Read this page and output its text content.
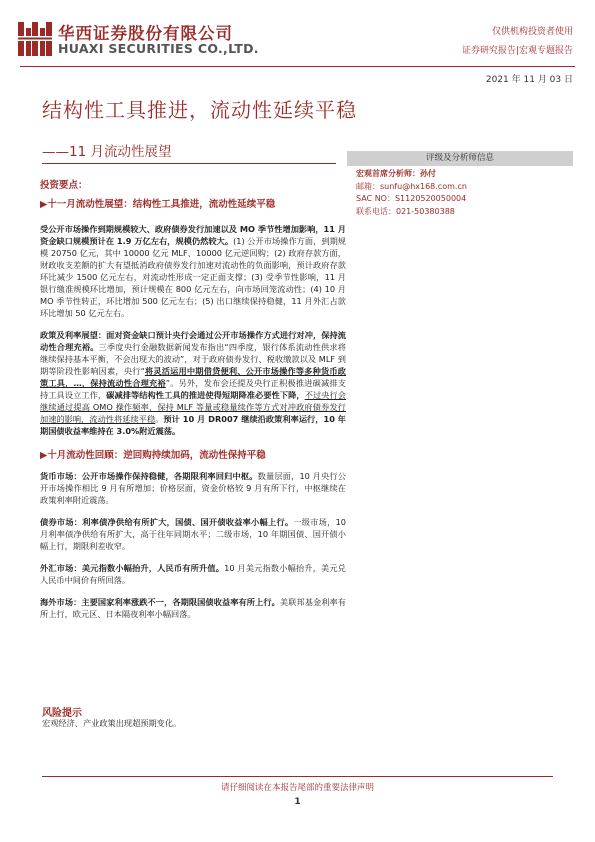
华西证券股份有限公司
HUAXI SECURITIES CO.,LTD.
仅供机构投资者使用
证券研究报告|宏观专题报告
2021 年 11 月 03 日
结构性工具推进，流动性延续平稳
——11 月流动性展望	评级及分析师信息
宏观首席分析师：孙付
邮箱：sunfu@hx168.com.cn
SAC NO：S1120520050004
联系电话：021-50380388
投资要点：
▶十一月流动性展望：结构性工具推进，流动性延续平稳

受公开市场操作到期规模较大、政府债券发行加速以及 MO 季节性增加影响，11 月资金缺口规模预计在 1.9 万亿左右，规模仍然较大。(1) 公开市场操作方面，到期规模 20750 亿元，其中 10000 亿元 MLF、10000 亿元逆回购；(2) 政府存款方面，财政收支差额的扩大有望抵消政府债券发行加速对流动性的负面影响，预计政府存款环比减少 1500 亿元左右，对流动性形成一定正面支撑；(3) 受季节性影响，11 月银行缴准规模环比增加，预计规模在 800 亿元左右，向市场回笼流动性；(4) 10 月 MO 季节性转正，环比增加 500 亿元左右；(5) 出口继续保持稳健，11 月外汇占款环比增加 50 亿元左右。

政策及利率展望：面对资金缺口预计央行会通过公开市场操作方式进行对冲，保持流动性合理充裕。三季度央行金融数据新闻发布指出“四季度，银行体系流动性供求将继续保持基本平衡，不会出现大的波动”，对于政府债券发行、税收缴款以及 MLF 到期等阶段性影响因素，央行“将灵活运用中期借贷便利、公开市场操作等多种货币政策工具，…，保持流动性合理充裕”。另外，发布会还提及央行正积极推进碳减排支持工具设立工作，碳减排等结构性工具的推进使得短期降准必要性下降，不过央行会继续通过提高 OMO 操作频率，保持 MLF 等量或稳量续作等方式对冲政府债券发行加速的影响，流动性将延续平稳。预计 10 月 DR007 继续沿政策利率运行，10 年期国债收益率维持在 3.0%附近震荡。

▶十月流动性回顾：逆回购持续加码，流动性保持平稳

货币市场：公开市场操作保持稳健，各期限利率回归中枢。数量层面，10 月央行公开市场操作相比 9 月有所增加；价格层面，资金价格较 9 月有所下行，中枢继续在政策利率附近震荡。

债券市场：利率债净供给有所扩大，国债、国开债收益率小幅上行。一级市场，10 月利率债净供给有所扩大，高于往年同期水平；二级市场，10 年期国债、国开债小幅上行，期限利差收窄。

外汇市场：美元指数小幅抬升，人民币有所升值。10 月美元指数小幅抬升，美元兑人民币中间价有所回落。

海外市场：主要国家利率涨跌不一，各期限国债收益率有所上行。美联邦基金利率有所上行，欧元区、日本隔夜利率小幅回落。

风险提示
宏观经济、产业政策出现超预期变化。
请仔细阅读在本报告尾部的重要法律声明
1
